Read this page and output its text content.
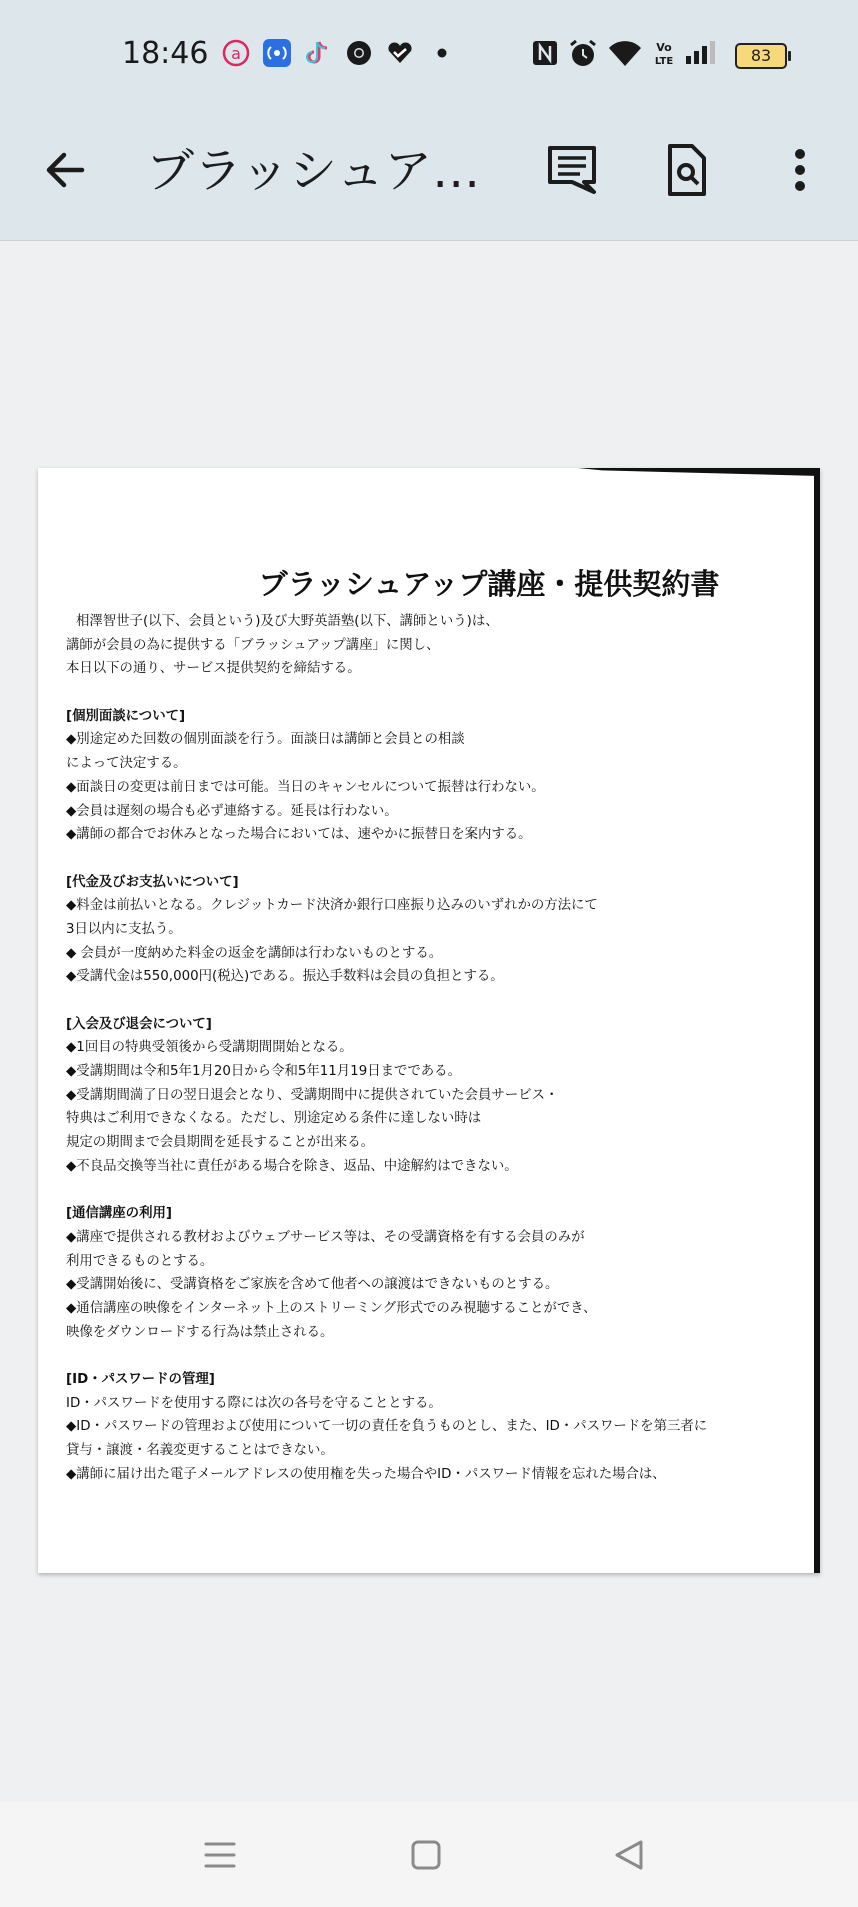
18:46 a	Vo
LTE	83
ブラッシュア…
ブラッシュアップ講座・提供契約書
相澤智世子(以下、会員という)及び大野英語塾(以下、講師という)は、
講師が会員の為に提供する「ブラッシュアップ講座」に関し、
本日以下の通り、サービス提供契約を締結する。
[個別面談について]
◆別途定めた回数の個別面談を行う。面談日は講師と会員との相談
によって決定する。
◆面談日の変更は前日までは可能。当日のキャンセルについて振替は行わない。
◆会員は遅刻の場合も必ず連絡する。延長は行わない。
◆講師の都合でお休みとなった場合においては、速やかに振替日を案内する。
[代金及びお支払いについて]
◆料金は前払いとなる。クレジットカード決済か銀行口座振り込みのいずれかの方法にて
3日以内に支払う。
◆ 会員が一度納めた料金の返金を講師は行わないものとする。
◆受講代金は550,000円(税込)である。振込手数料は会員の負担とする。
[入会及び退会について]
◆1回目の特典受領後から受講期間開始となる。
◆受講期間は令和5年1月20日から令和5年11月19日までである。
◆受講期間満了日の翌日退会となり、受講期間中に提供されていた会員サービス・
特典はご利用できなくなる。ただし、別途定める条件に達しない時は
規定の期間まで会員期間を延長することが出来る。
◆不良品交換等当社に責任がある場合を除き、返品、中途解約はできない。
[通信講座の利用]
◆講座で提供される教材およびウェブサービス等は、その受講資格を有する会員のみが
利用できるものとする。
◆受講開始後に、受講資格をご家族を含めて他者への譲渡はできないものとする。
◆通信講座の映像をインターネット上のストリーミング形式でのみ視聴することができ、
映像をダウンロードする行為は禁止される。
[ID・パスワードの管理]
ID・パスワードを使用する際には次の各号を守ることとする。
◆ID・パスワードの管理および使用について一切の責任を負うものとし、また、ID・パスワードを第三者に
貸与・譲渡・名義変更することはできない。
◆講師に届け出た電子メールアドレスの使用権を失った場合やID・パスワード情報を忘れた場合は、
